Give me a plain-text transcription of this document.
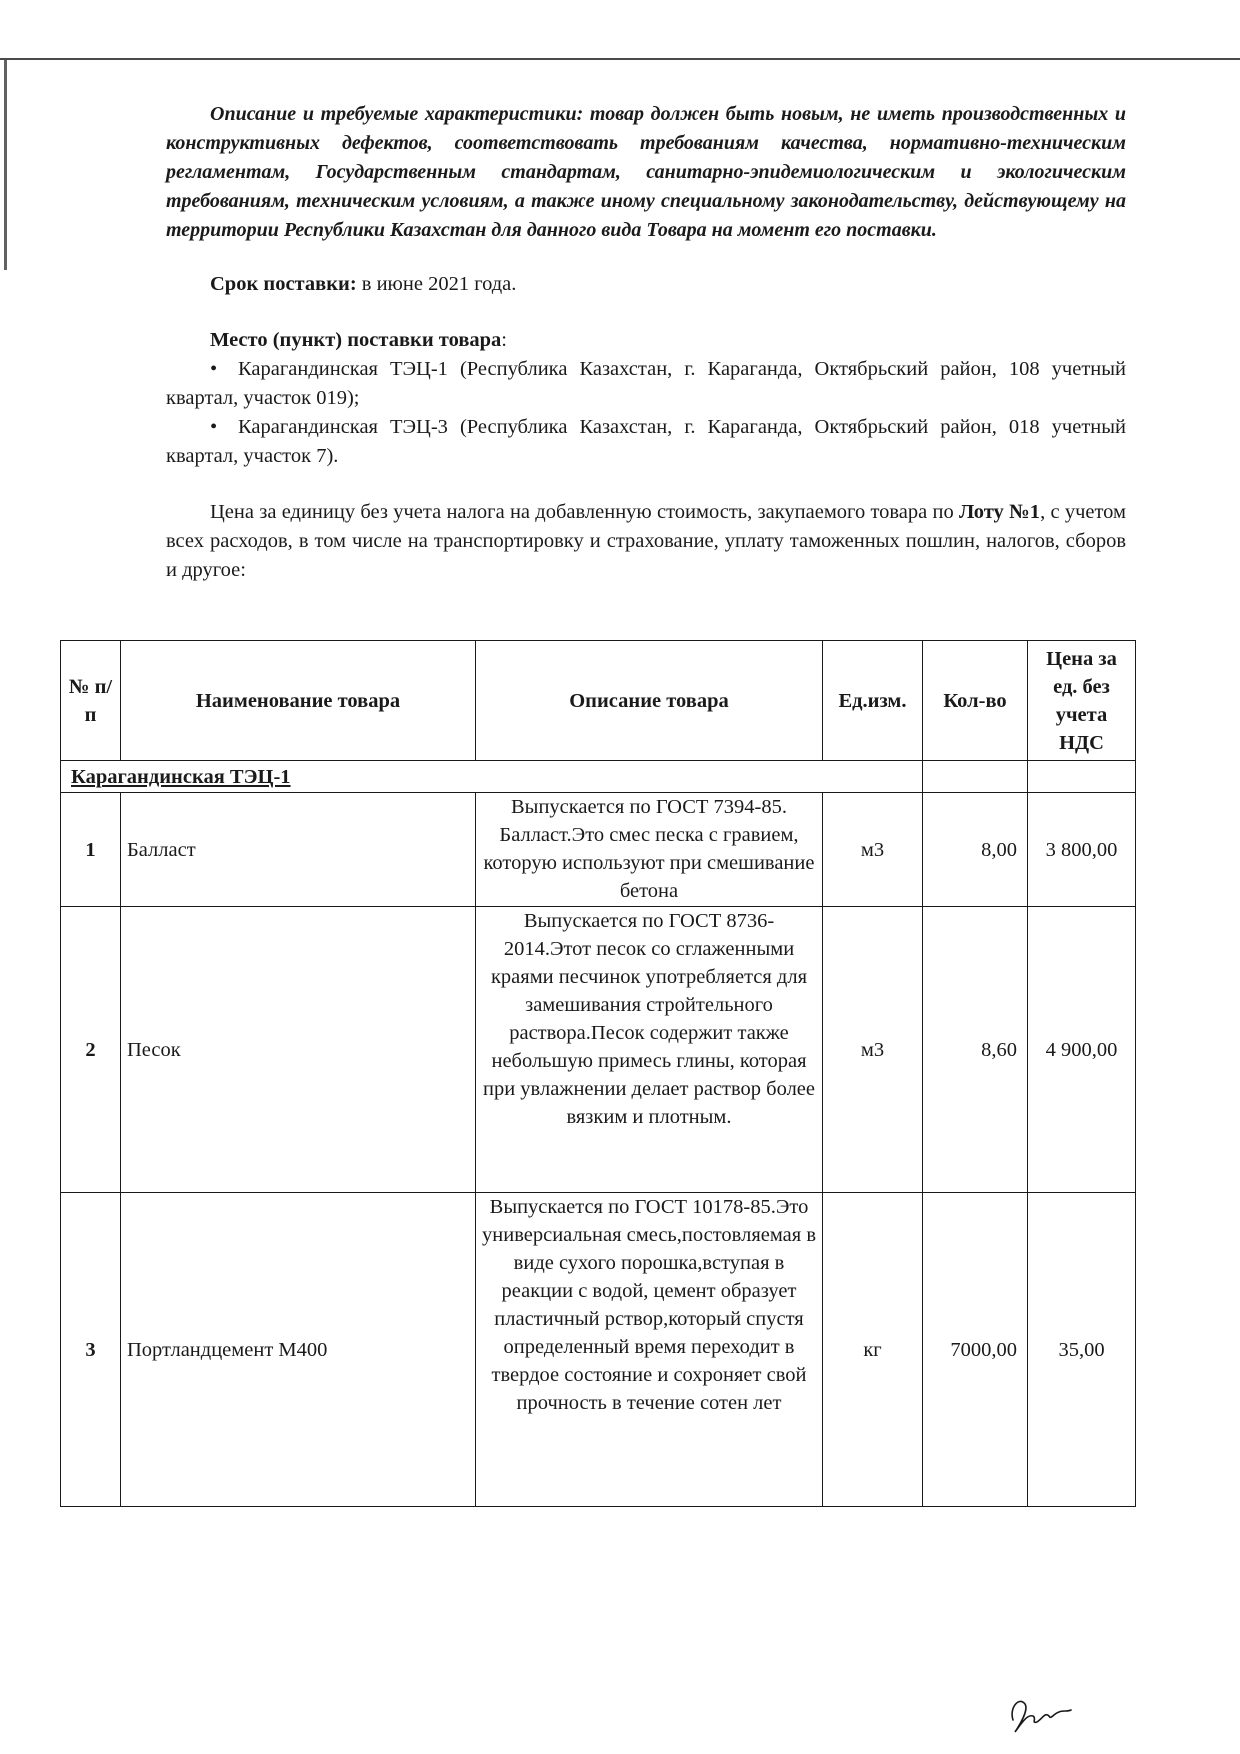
Описание и требуемые характеристики: товар должен быть новым, не иметь производственных и конструктивных дефектов, соответствовать требованиям качества, нормативно-техническим регламентам, Государственным стандартам, санитарно-эпидемиологическим и экологическим требованиям, техническим условиям, а также иному специальному законодательству, действующему на территории Республики Казахстан для данного вида Товара на момент его поставки.

Срок поставки: в июне 2021 года.

Место (пункт) поставки товара:

• Карагандинская ТЭЦ-1 (Республика Казахстан, г. Караганда, Октябрьский район, 108 учетный квартал, участок 019);

• Карагандинская ТЭЦ-3 (Республика Казахстан, г. Караганда, Октябрьский район, 018 учетный квартал, участок 7).

Цена за единицу без учета налога на добавленную стоимость, закупаемого товара по Лоту №1, с учетом всех расходов, в том числе на транспортировку и страхование, уплату таможенных пошлин, налогов, сборов и другое:

№ п/п	Наименование товара	Описание товара	Ед.изм.	Кол-во	Цена за ед. без учета НДС
Карагандинская ТЭЦ-1					
1	Балласт	Выпускается по ГОСТ 7394-85. Балласт.Это смес песка с гравием, которую используют при смешивание бетона	м3	8,00	3 800,00
2	Песок	Выпускается по ГОСТ 8736-2014.Этот песок со сглаженными краями песчинок употребляется для замешивания стройтельного раствора.Песок содержит также небольшую примесь глины, которая при увлажнении делает раствор более вязким и плотным.	м3	8,60	4 900,00
3	Портландцемент М400	Выпускается по ГОСТ 10178-85.Это универсиальная смесь,постовляемая в виде сухого порошка,вступая в реакции с водой, цемент образует пластичный рствор,который спустя определенный время переходит в твердое состояние и сохроняет свой прочность в течение сотен лет	кг	7000,00	35,00
